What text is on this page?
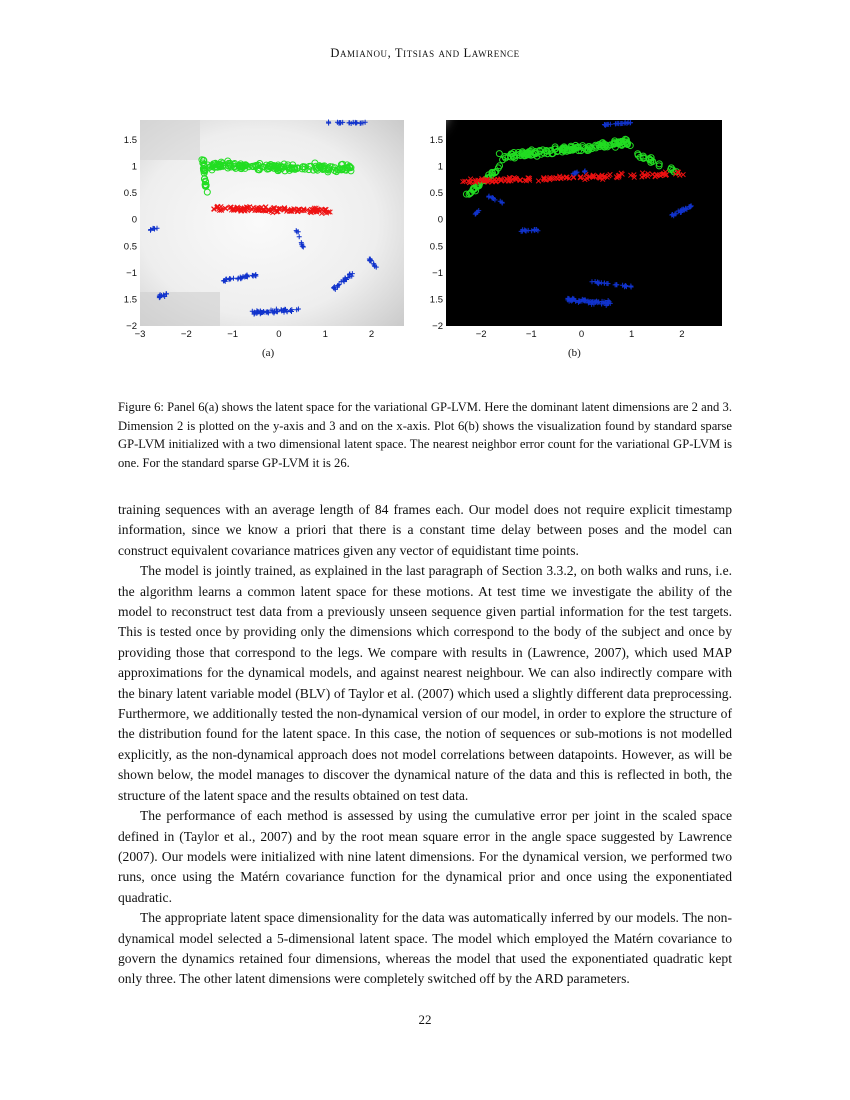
Damianou, Titsias and Lawrence
−3	−2	−1	0	1	2
1.5
1
0.5
0
0.5
−1
1.5
−2
(a)
−2	−1	0	1	2
1.5
1
0.5
0
0.5
−1
1.5
−2
(b)
Figure 6: Panel 6(a) shows the latent space for the variational GP-LVM. Here the dominant latent dimensions are 2 and 3. Dimension 2 is plotted on the y-axis and 3 and on the x-axis. Plot 6(b) shows the visualization found by standard sparse GP-LVM initialized with a two dimensional latent space. The nearest neighbor error count for the variational GP-LVM is one. For the standard sparse GP-LVM it is 26.

training sequences with an average length of 84 frames each. Our model does not require explicit timestamp information, since we know a priori that there is a constant time delay between poses and the model can construct equivalent covariance matrices given any vector of equidistant time points.

The model is jointly trained, as explained in the last paragraph of Section 3.3.2, on both walks and runs, i.e. the algorithm learns a common latent space for these motions. At test time we investigate the ability of the model to reconstruct test data from a previously unseen sequence given partial information for the test targets. This is tested once by providing only the dimensions which correspond to the body of the subject and once by providing those that correspond to the legs. We compare with results in (Lawrence, 2007), which used MAP approximations for the dynamical models, and against nearest neighbour. We can also indirectly compare with the binary latent variable model (BLV) of Taylor et al. (2007) which used a slightly different data preprocessing. Furthermore, we additionally tested the non-dynamical version of our model, in order to explore the structure of the distribution found for the latent space. In this case, the notion of sequences or sub-motions is not modelled explicitly, as the non-dynamical approach does not model correlations between datapoints. However, as will be shown below, the model manages to discover the dynamical nature of the data and this is reflected in both, the structure of the latent space and the results obtained on test data.

The performance of each method is assessed by using the cumulative error per joint in the scaled space defined in (Taylor et al., 2007) and by the root mean square error in the angle space suggested by Lawrence (2007). Our models were initialized with nine latent dimensions. For the dynamical version, we performed two runs, once using the Matérn covariance function for the dynamical prior and once using the exponentiated quadratic.

The appropriate latent space dimensionality for the data was automatically inferred by our models. The non-dynamical model selected a 5-dimensional latent space. The model which employed the Matérn covariance to govern the dynamics retained four dimensions, whereas the model that used the exponentiated quadratic kept only three. The other latent dimensions were completely switched off by the ARD parameters.

22
